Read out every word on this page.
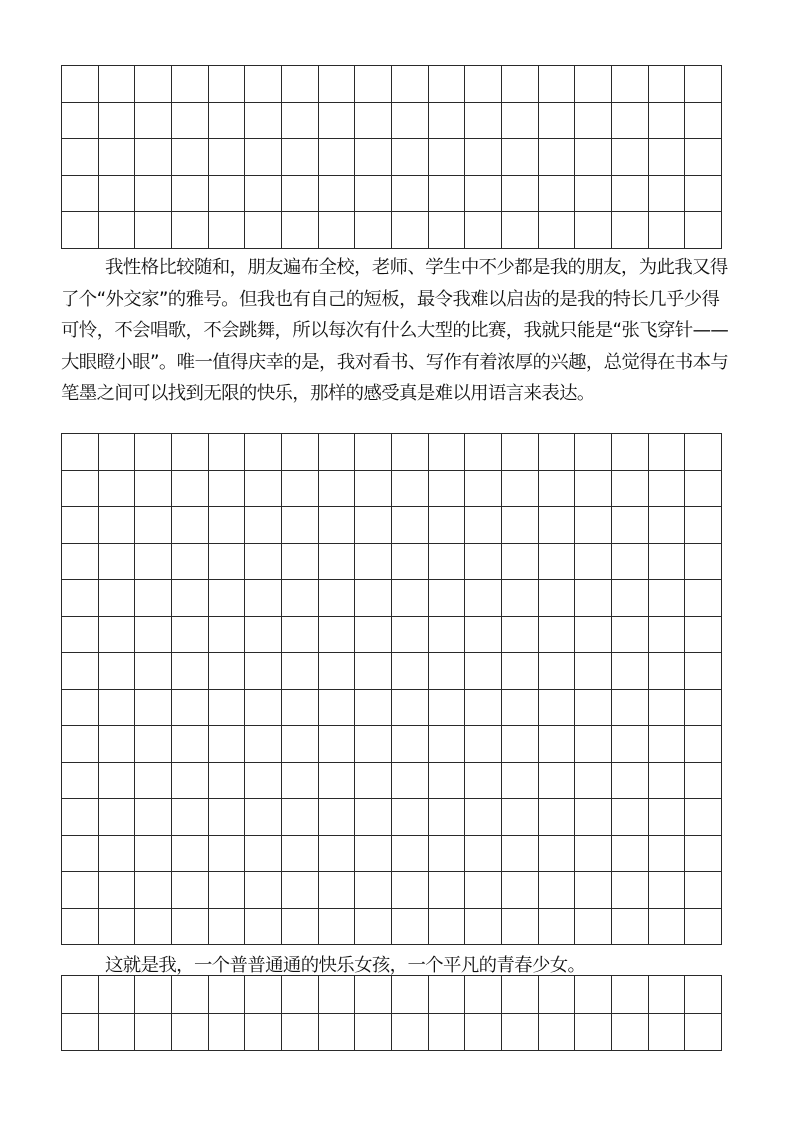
我性格比较随和，朋友遍布全校，老师、学生中不少都是我的朋友，为此我又得了个“外交家”的雅号。但我也有自己的短板，最令我难以启齿的是我的特长几乎少得可怜，不会唱歌，不会跳舞，所以每次有什么大型的比赛，我就只能是“张飞穿针——大眼瞪小眼”。唯一值得庆幸的是，我对看书、写作有着浓厚的兴趣，总觉得在书本与笔墨之间可以找到无限的快乐，那样的感受真是难以用语言来表达。

这就是我，一个普普通通的快乐女孩，一个平凡的青春少女。
